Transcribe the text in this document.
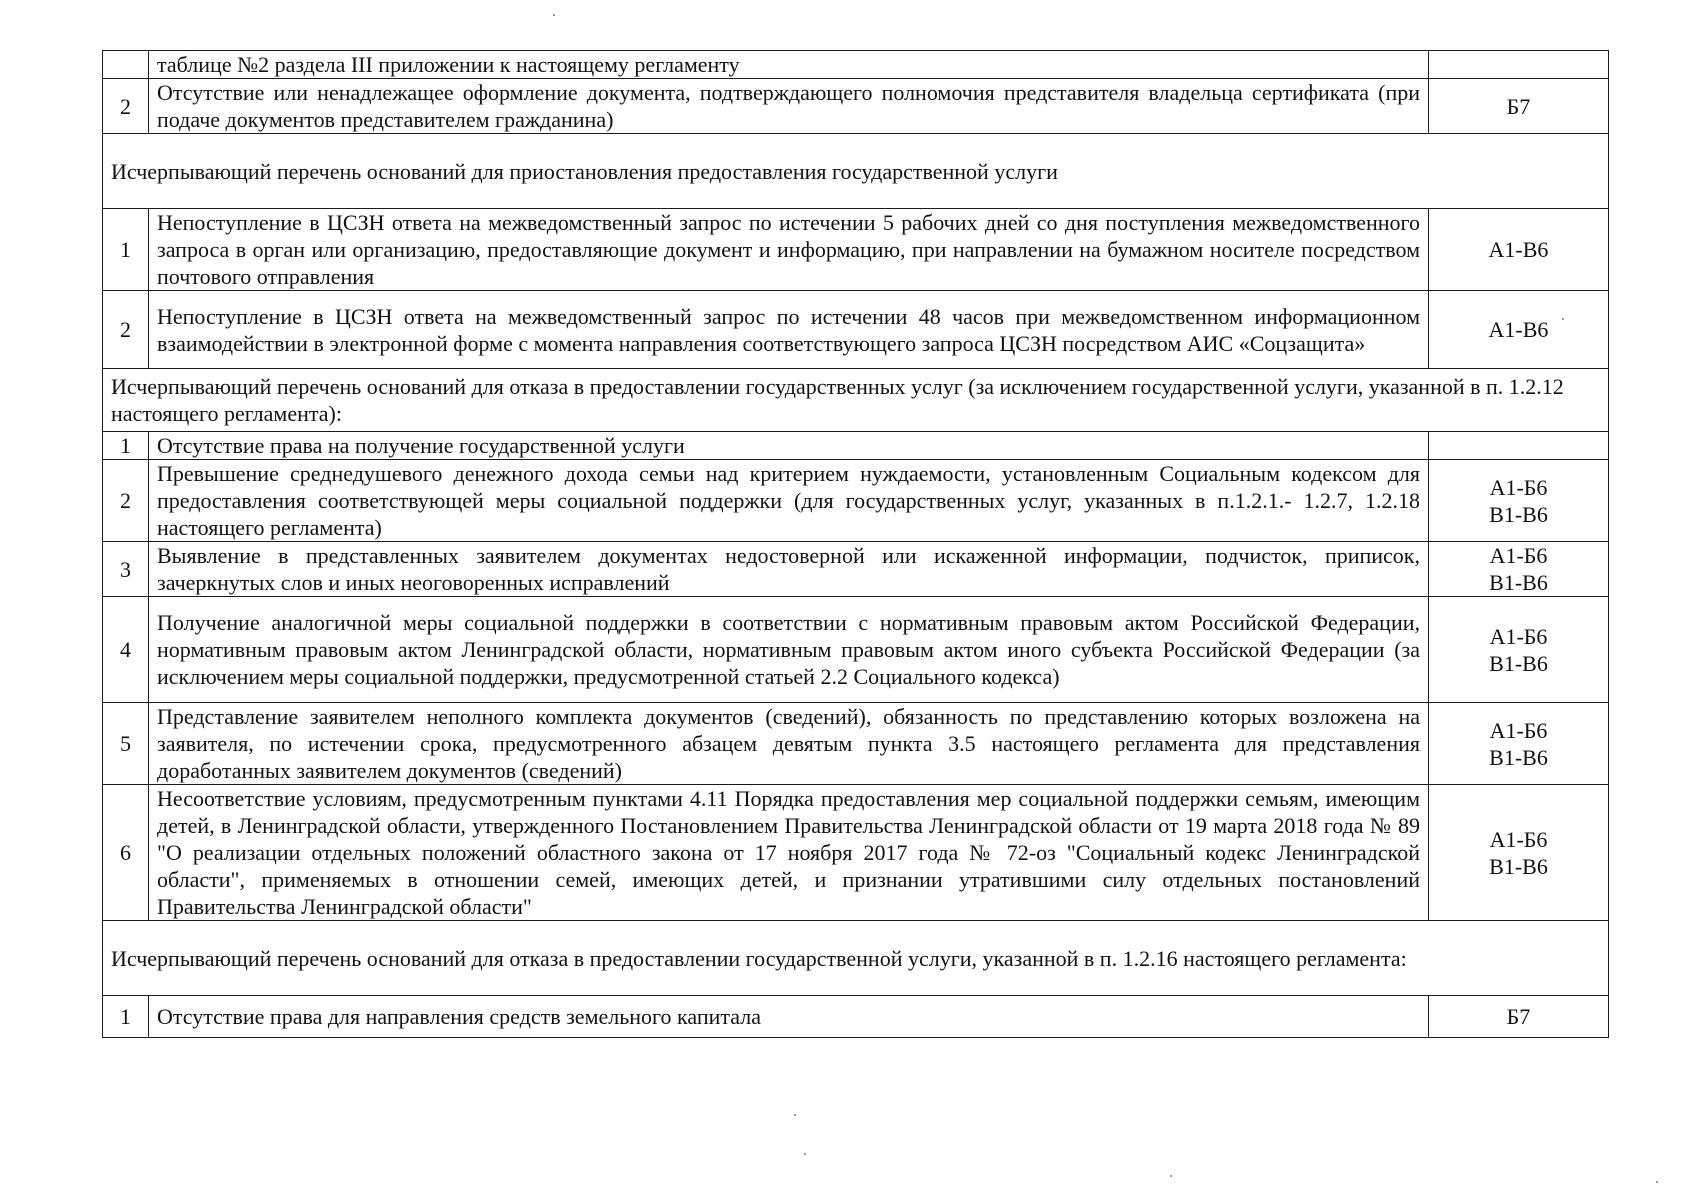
	таблице №2 раздела III приложении к настоящему регламенту	
2	Отсутствие или ненадлежащее оформление документа, подтверждающего полномочия представителя владельца сертификата (при подаче документов представителем гражданина)	Б7

Исчерпывающий перечень оснований для приостановления предоставления государственной услуги		
1	Непоступление в ЦСЗН ответа на межведомственный запрос по истечении 5 рабочих дней со дня поступления межведомственного запроса в орган или организацию, предоставляющие документ и информацию, при направлении на бумажном носителе посредством почтового отправления	А1-В6

2	Непоступление в ЦСЗН ответа на межведомственный запрос по истечении 48 часов при межведомственном информационном взаимодействии в электронной форме с момента направления соответствующего запроса ЦСЗН посредством АИС «Соцзащита»	А1-В6

Исчерпывающий перечень оснований для отказа в предоставлении государственных услуг (за исключением государственной услуги, указанной в п. 1.2.12 настоящего регламента):		
1	Отсутствие права на получение государственной услуги	
2	Превышение среднедушевого денежного дохода семьи над критерием нуждаемости, установленным Социальным кодексом для предоставления соответствующей меры социальной поддержки (для государственных услуг, указанных в п.1.2.1.- 1.2.7, 1.2.18 настоящего регламента)	А1-Б6
В1-В6

3	Выявление в представленных заявителем документах недостоверной или искаженной информации, подчисток, приписок, зачеркнутых слов и иных неоговоренных исправлений	А1-Б6
В1-В6

4	Получение аналогичной меры социальной поддержки в соответствии с нормативным правовым актом Российской Федерации, нормативным правовым актом Ленинградской области, нормативным правовым актом иного субъекта Российской Федерации (за исключением меры социальной поддержки, предусмотренной статьей 2.2 Социального кодекса)	А1-Б6
В1-В6

5	Представление заявителем неполного комплекта документов (сведений), обязанность по представлению которых возложена на заявителя, по истечении срока, предусмотренного абзацем девятым пункта 3.5 настоящего регламента для представления доработанных заявителем документов (сведений)	А1-Б6
В1-В6

6	Несоответствие условиям, предусмотренным пунктами 4.11 Порядка предоставления мер социальной поддержки семьям, имеющим детей, в Ленинградской области, утвержденного Постановлением Правительства Ленинградской области от 19 марта 2018 года № 89 "О реализации отдельных положений областного закона от 17 ноября 2017 года № 72-оз "Социальный кодекс Ленинградской области", применяемых в отношении семей, имеющих детей, и признании утратившими силу отдельных постановлений Правительства Ленинградской области"	А1-Б6
В1-В6

Исчерпывающий перечень оснований для отказа в предоставлении государственной услуги, указанной в п. 1.2.16 настоящего регламента:		
1	Отсутствие права для направления средств земельного капитала	Б7
